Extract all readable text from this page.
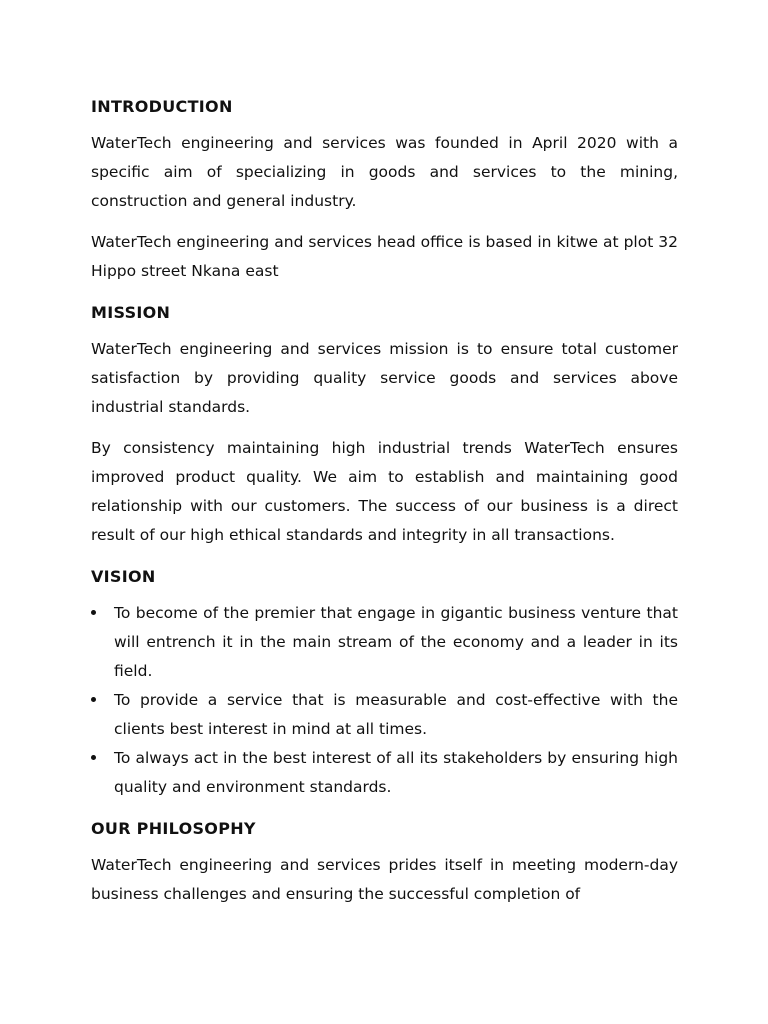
INTRODUCTION

WaterTech engineering and services was founded in April 2020 with a specific aim of specializing in goods and services to the mining, construction and general industry.

WaterTech engineering and services head office is based in kitwe at plot 32 Hippo street Nkana east

MISSION

WaterTech engineering and services mission is to ensure total customer satisfaction by providing quality service goods and services above industrial standards.

By consistency maintaining high industrial trends WaterTech ensures improved product quality. We aim to establish and maintaining good relationship with our customers. The success of our business is a direct result of our high ethical standards and integrity in all transactions.

VISION
To become of the premier that engage in gigantic business venture that will entrench it in the main stream of the economy and a leader in its field.
To provide a service that is measurable and cost-effective with the clients best interest in mind at all times.
To always act in the best interest of all its stakeholders by ensuring high quality and environment standards.
OUR PHILOSOPHY

WaterTech engineering and services prides itself in meeting modern-day business challenges and ensuring the successful completion of
